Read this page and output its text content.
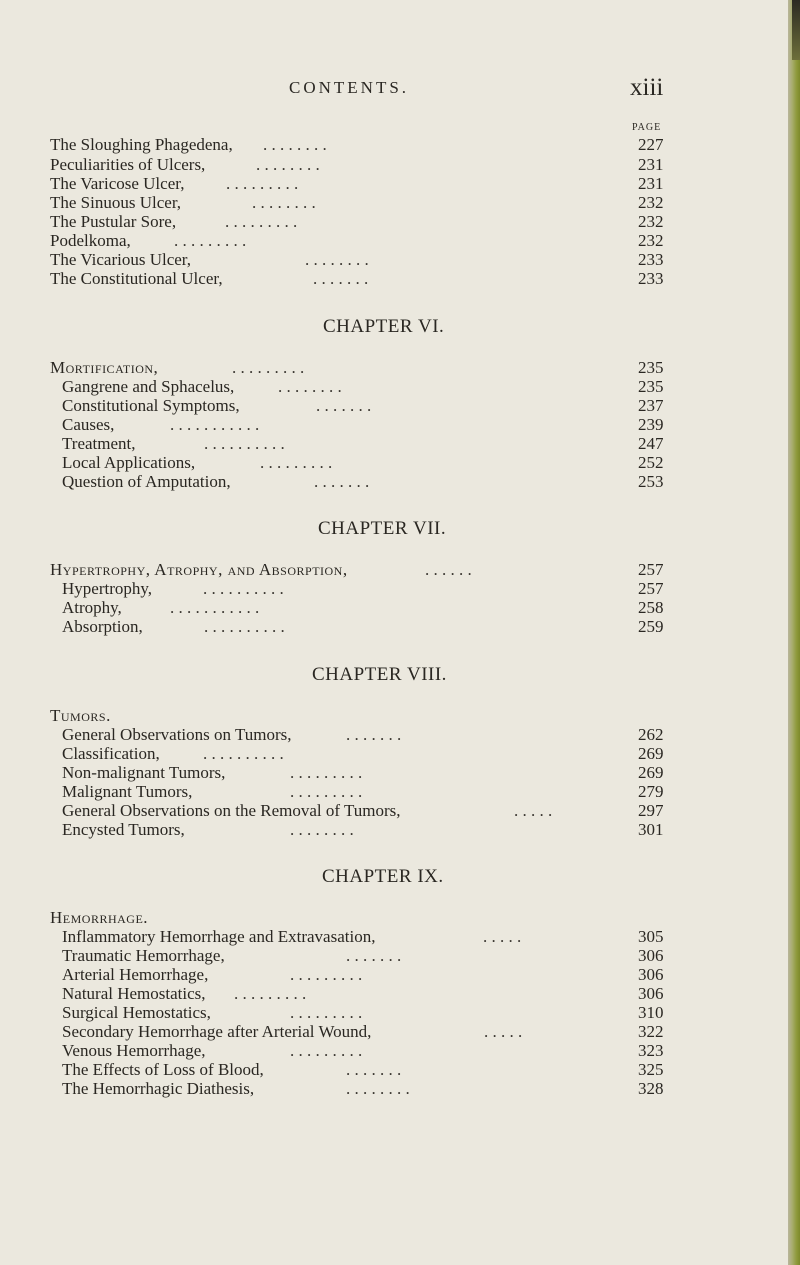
CONTENTS.	xiii
PAGE
The Sloughing Phagedena, . . . . . . . .	227
Peculiarities of Ulcers,	. . . . . . . .	231
The Varicose Ulcer, . . . . . . . . .	231
The Sinuous Ulcer,	. . . . . . . .	232
The Pustular Sore,	. . . . . . . . .	232
Podelkoma,	. . . . . . . . .	232
The Vicarious Ulcer,	. . . . . . . .	233
The Constitutional Ulcer,	. . . . . . .	233
CHAPTER VI.
Mortification,	. . . . . . . . .	235
Gangrene and Sphacelus,	. . . . . . . .	235
Constitutional Symptoms,	. . . . . . .	237
Causes,	. . . . . . . . . . .	239
Treatment,	. . . . . . . . . .	247
Local Applications,	. . . . . . . . .	252
Question of Amputation,	. . . . . . .	253
CHAPTER VII.
Hypertrophy, Atrophy, and Absorption,	. . . . . .	257
Hypertrophy,	. . . . . . . . . .	257
Atrophy,	. . . . . . . . . . .	258
Absorption,	. . . . . . . . . .	259
CHAPTER VIII.
Tumors.
General Observations on Tumors,	. . . . . . .	262
Classification,	. . . . . . . . . .	269
Non-malignant Tumors,	. . . . . . . . .	269
Malignant Tumors,	. . . . . . . . .	279
General Observations on the Removal of Tumors,	. . . . .	297
Encysted Tumors,	. . . . . . . .	301
CHAPTER IX.
Hemorrhage.
Inflammatory Hemorrhage and Extravasation,	. . . . .	305
Traumatic Hemorrhage,	. . . . . . .	306
Arterial Hemorrhage,	. . . . . . . . .	306
Natural Hemostatics, . . . . . . . . .	306
Surgical Hemostatics,	. . . . . . . . .	310
Secondary Hemorrhage after Arterial Wound,	. . . . .	322
Venous Hemorrhage,	. . . . . . . . .	323
The Effects of Loss of Blood,	. . . . . . .	325
The Hemorrhagic Diathesis,	. . . . . . . .	328
